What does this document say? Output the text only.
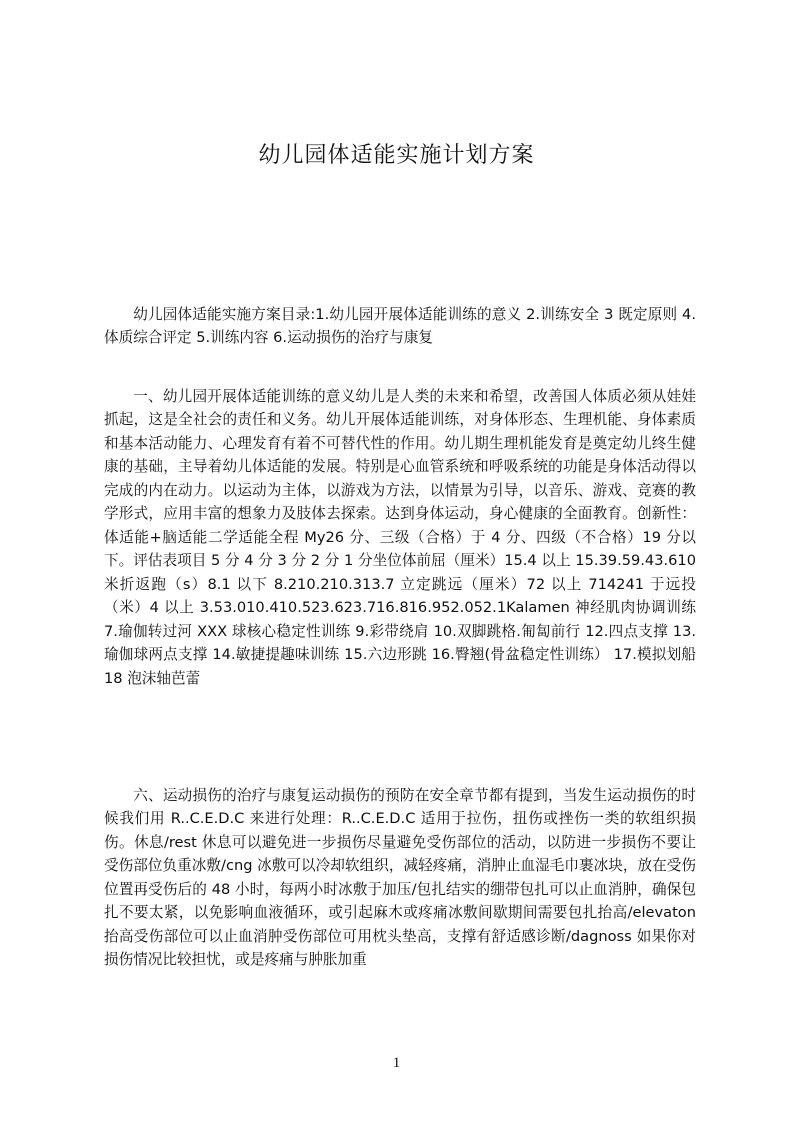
幼儿园体适能实施计划方案

幼儿园体适能实施方案目录:1.幼儿园开展体适能训练的意义 2.训练安全 3 既定原则 4.体质综合评定 5.训练内容 6.运动损伤的治疗与康复

一、幼儿园开展体适能训练的意义幼儿是人类的未来和希望，改善国人体质必须从娃娃抓起，这是全社会的责任和义务。幼儿开展体适能训练，对身体形态、生理机能、身体素质和基本活动能力、心理发育有着不可替代性的作用。幼儿期生理机能发育是奠定幼儿终生健康的基础，主导着幼儿体适能的发展。特别是心血管系统和呼吸系统的功能是身体活动得以完成的内在动力。以运动为主体，以游戏为方法，以情景为引导，以音乐、游戏、竞赛的教学形式，应用丰富的想象力及肢体去探索。达到身体运动，身心健康的全面教育。创新性：体适能+脑适能二学适能全程 My26 分、三级（合格）于 4 分、四级（不合格）19 分以下。评估表项目 5 分 4 分 3 分 2 分 1 分坐位体前屈（厘米）15.4 以上 15.39.59.43.610 米折返跑（s）8.1 以下 8.210.210.313.7 立定跳远（厘米）72 以上 714241 于远投（米）4 以上 3.53.010.410.523.623.716.816.952.052.1Kalamen 神经肌肉协调训练 7.瑜伽转过河 XXX 球核心稳定性训练 9.彩带绕肩 10.双脚跳格.匍匐前行 12.四点支撑 13.瑜伽球两点支撑 14.敏捷提趣味训练 15.六边形跳 16.臀翘(骨盆稳定性训练） 17.模拟划船 18 泡沫轴芭蕾

六、运动损伤的治疗与康复运动损伤的预防在安全章节都有提到，当发生运动损伤的时候我们用 R..C.E.D.C 来进行处理：R..C.E.D.C 适用于拉伤，扭伤或挫伤一类的软组织损伤。休息/rest 休息可以避免进一步损伤尽量避免受伤部位的活动，以防进一步损伤不要让受伤部位负重冰敷/cng 冰敷可以冷却软组织，减轻疼痛，消肿止血湿毛巾裹冰块，放在受伤位置再受伤后的 48 小时，每两小时冰敷于加压/包扎结实的绷带包扎可以止血消肿，确保包扎不要太紧，以免影响血液循环，或引起麻木或疼痛冰敷间歇期间需要包扎抬高/elevaton 抬高受伤部位可以止血消肿受伤部位可用枕头垫高，支撑有舒适感诊断/dagnoss 如果你对损伤情况比较担忧，或是疼痛与肿胀加重

1
